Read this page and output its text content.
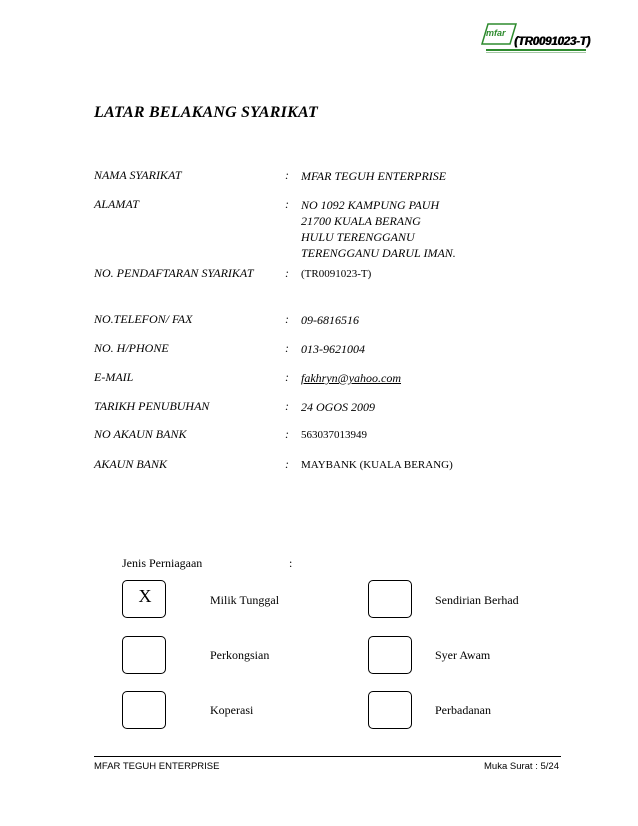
mfar
(TR0091023-T)
LATAR BELAKANG SYARIKAT
NAMA SYARIKAT	: MFAR TEGUH ENTERPRISE
ALAMAT	: NO 1092 KAMPUNG PAUH
21700 KUALA BERANG
HULU TERENGGANU
TERENGGANU DARUL IMAN.
NO. PENDAFTARAN SYARIKAT	: (TR0091023-T)
NO.TELEFON/ FAX	: 09-6816516
NO. H/PHONE	: 013-9621004
E-MAIL	: fakhryn@yahoo.com
TARIKH PENUBUHAN	: 24 OGOS 2009
NO AKAUN BANK	: 563037013949
AKAUN BANK	: MAYBANK (KUALA BERANG)
Jenis Perniagaan	:
X	Milik Tunggal	Sendirian Berhad
Perkongsian	Syer Awam
Koperasi	Perbadanan
MFAR TEGUH ENTERPRISE	Muka Surat : 5/24
